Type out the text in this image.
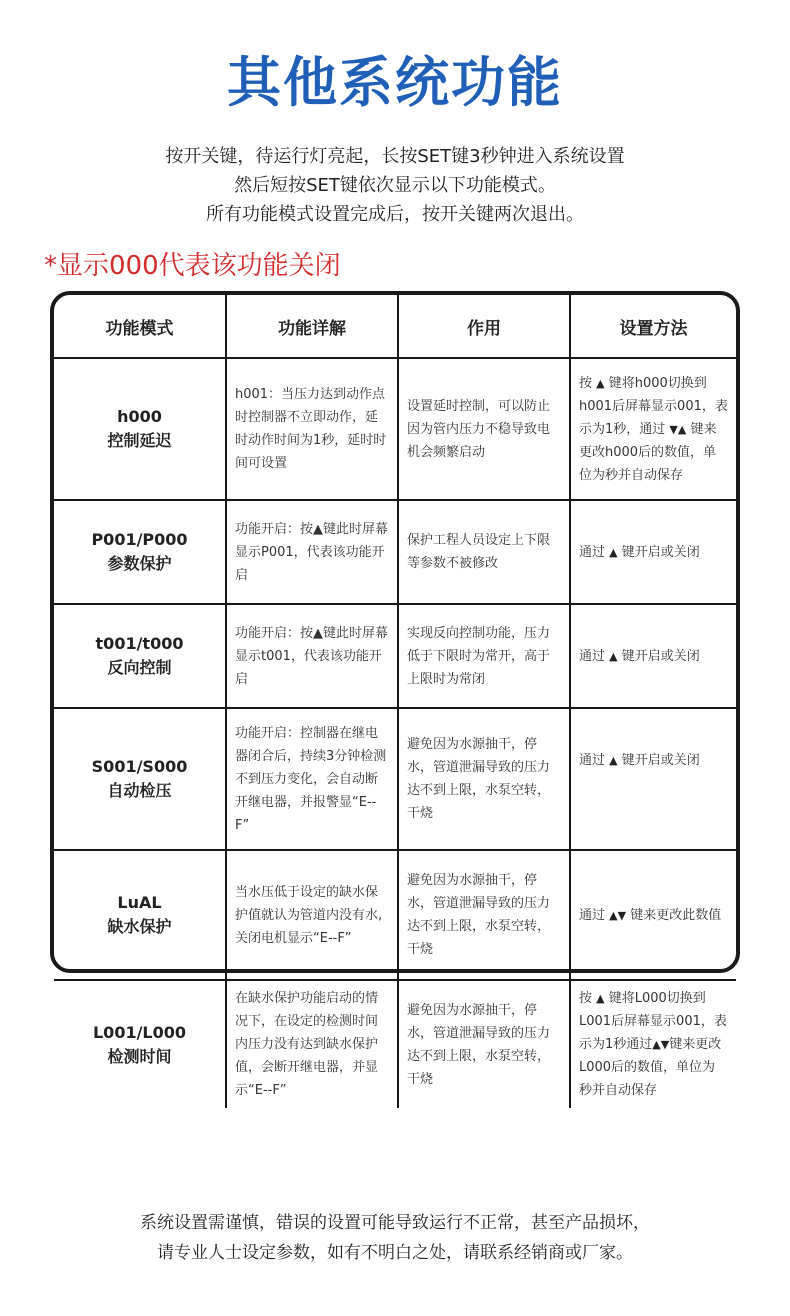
其他系统功能
按开关键，待运行灯亮起，长按SET键3秒钟进入系统设置
然后短按SET键依次显示以下功能模式。
所有功能模式设置完成后，按开关键两次退出。
*显示000代表该功能关闭
功能模式	功能详解	作用	设置方法

h000
控制延迟	h001：当压力达到动作点时控制器不立即动作，延时动作时间为1秒，延时时间可设置	设置延时控制，可以防止因为管内压力不稳导致电机会频繁启动	按 ▲ 键将h000切换到h001后屏幕显示001，表示为1秒，通过 ▼▲ 键来更改h000后的数值，单位为秒并自动保存

P001/P000
参数保护	功能开启：按▲键此时屏幕显示P001，代表该功能开启	保护工程人员设定上下限等参数不被修改	通过 ▲ 键开启或关闭

t001/t000
反向控制	功能开启：按▲键此时屏幕显示t001，代表该功能开启	实现反向控制功能，压力低于下限时为常开，高于上限时为常闭	通过 ▲ 键开启或关闭

S001/S000
自动检压	功能开启：控制器在继电器闭合后，持续3分钟检测不到压力变化，会自动断开继电器，并报警显“E--F”	避免因为水源抽干，停水，管道泄漏导致的压力达不到上限，水泵空转，干烧	通过 ▲ 键开启或关闭

LuAL
缺水保护	当水压低于设定的缺水保护值就认为管道内没有水,关闭电机显示“E--F”	避免因为水源抽干，停水，管道泄漏导致的压力达不到上限，水泵空转，干烧	通过 ▲▼ 键来更改此数值

L001/L000
检测时间	在缺水保护功能启动的情况下，在设定的检测时间内压力没有达到缺水保护值，会断开继电器，并显示“E--F”	避免因为水源抽干，停水，管道泄漏导致的压力达不到上限，水泵空转，干烧	按 ▲ 键将L000切换到L001后屏幕显示001，表示为1秒通过▲▼键来更改L000后的数值，单位为秒并自动保存
系统设置需谨慎，错误的设置可能导致运行不正常，甚至产品损坏，
请专业人士设定参数，如有不明白之处，请联系经销商或厂家。
